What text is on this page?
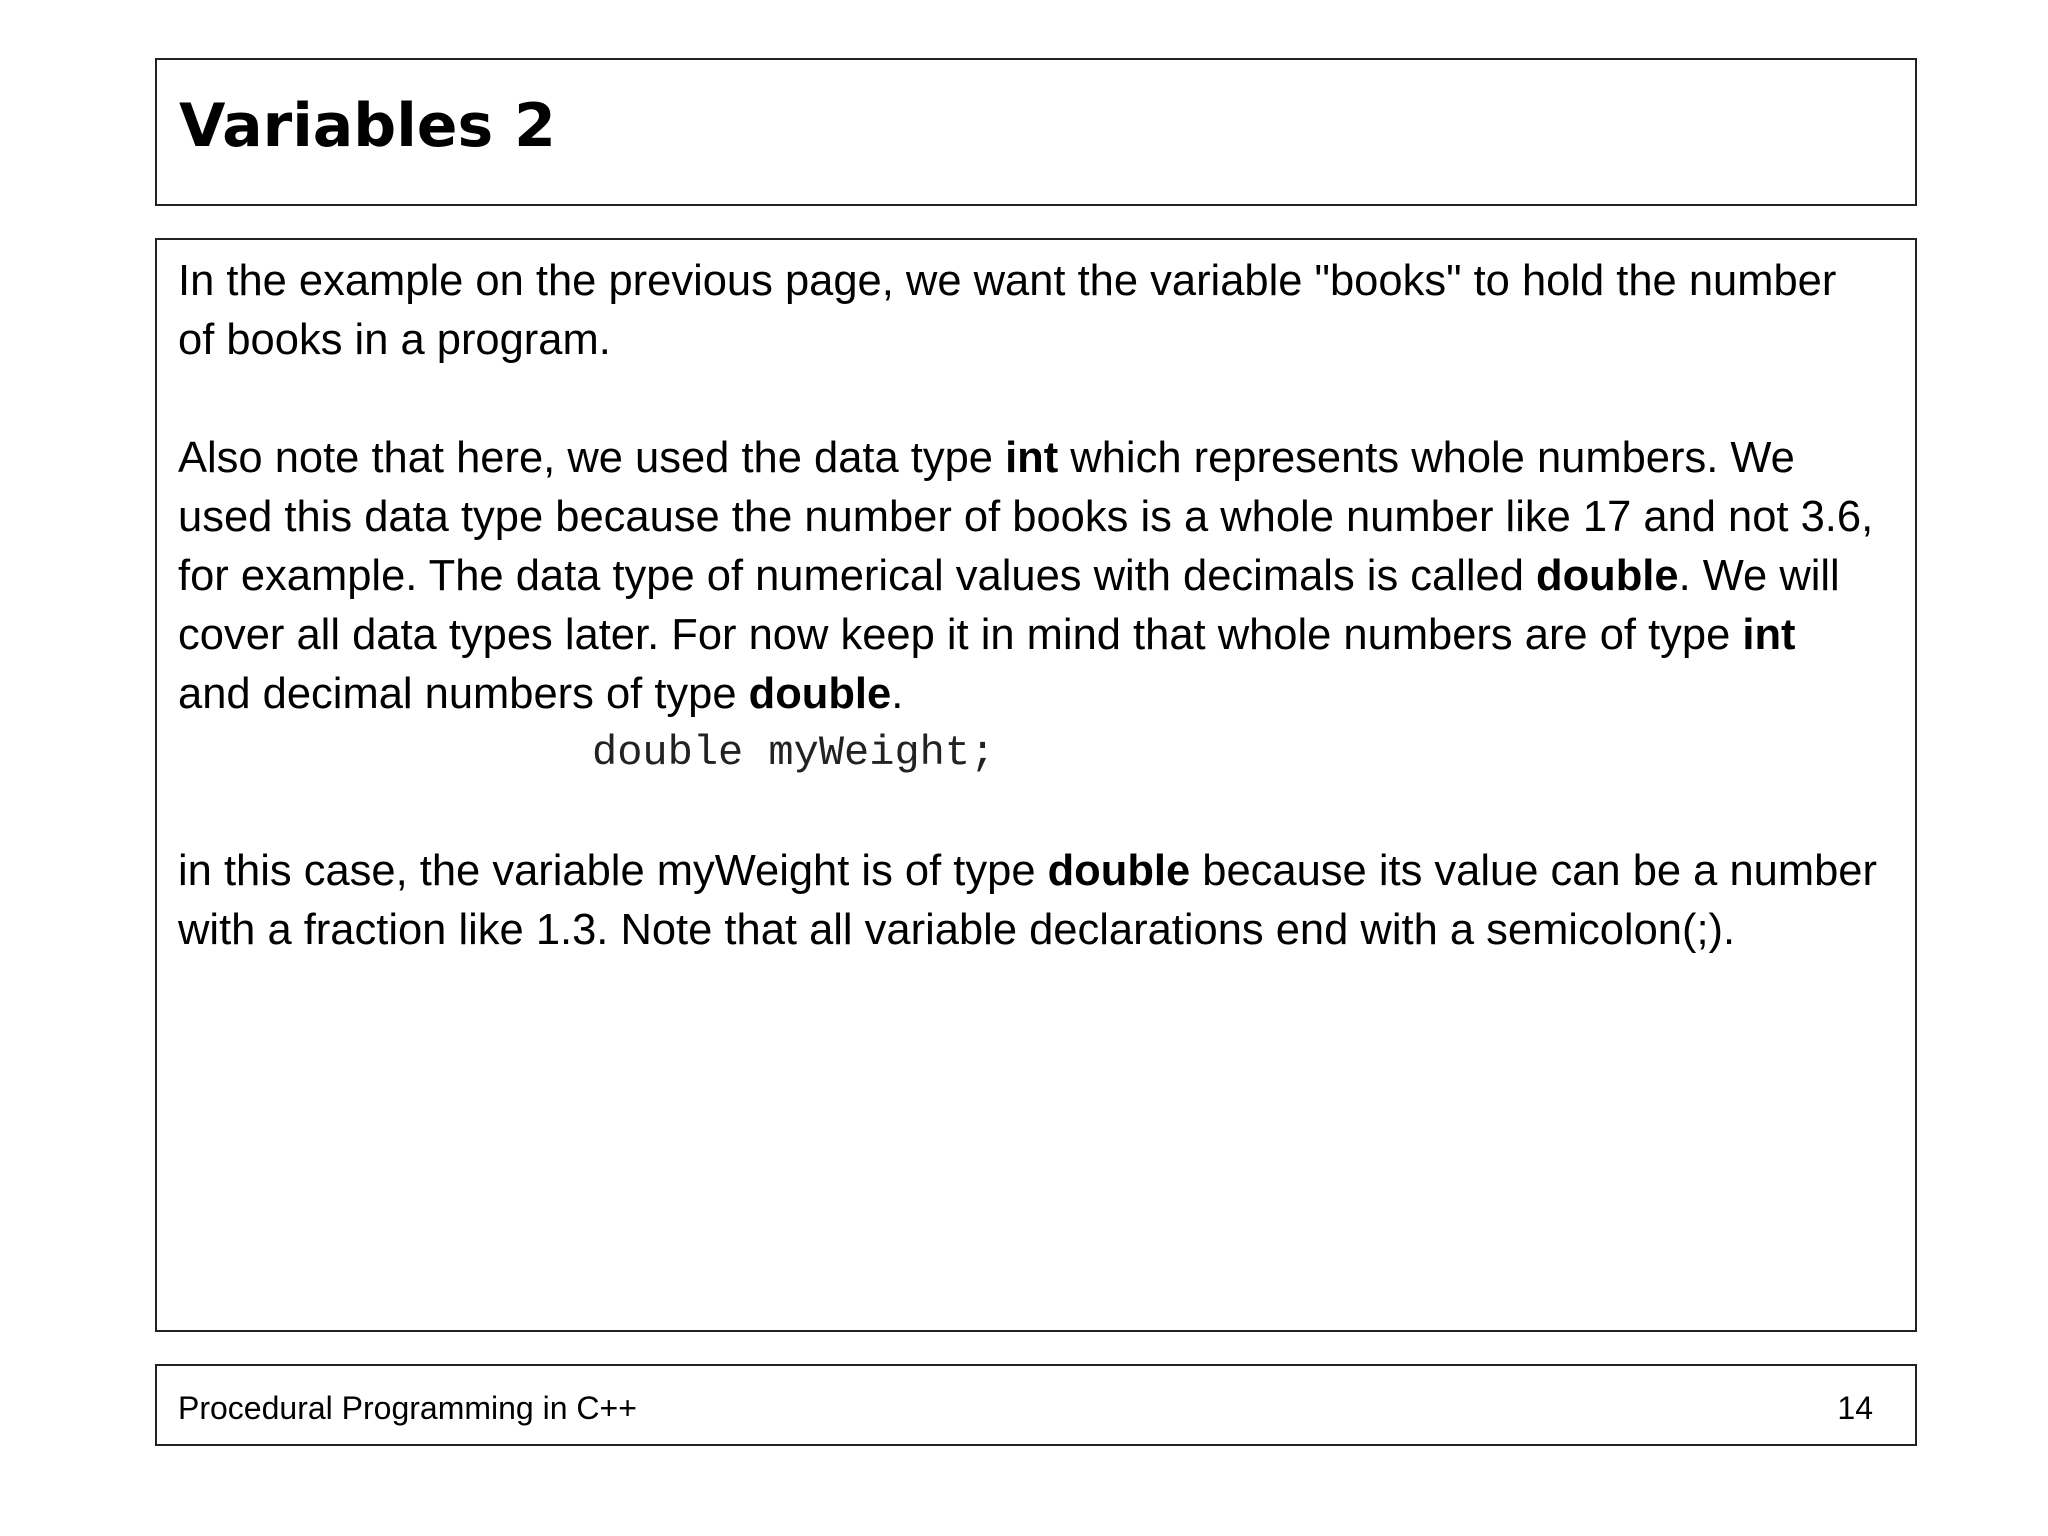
Variables 2

In the example on the previous page, we want the variable "books" to hold the number of books in a program.

Also note that here, we used the data type int which represents whole numbers. We used this data type because the number of books is a whole number like 17 and not 3.6, for example. The data type of numerical values with decimals is called double. We will cover all data types later. For now keep it in mind that whole numbers are of type int and decimal numbers of type double.

double myWeight;

in this case, the variable myWeight is of type double because its value can be a number with a fraction like 1.3. Note that all variable declarations end with a semicolon(;).

Procedural Programming in C++	14
